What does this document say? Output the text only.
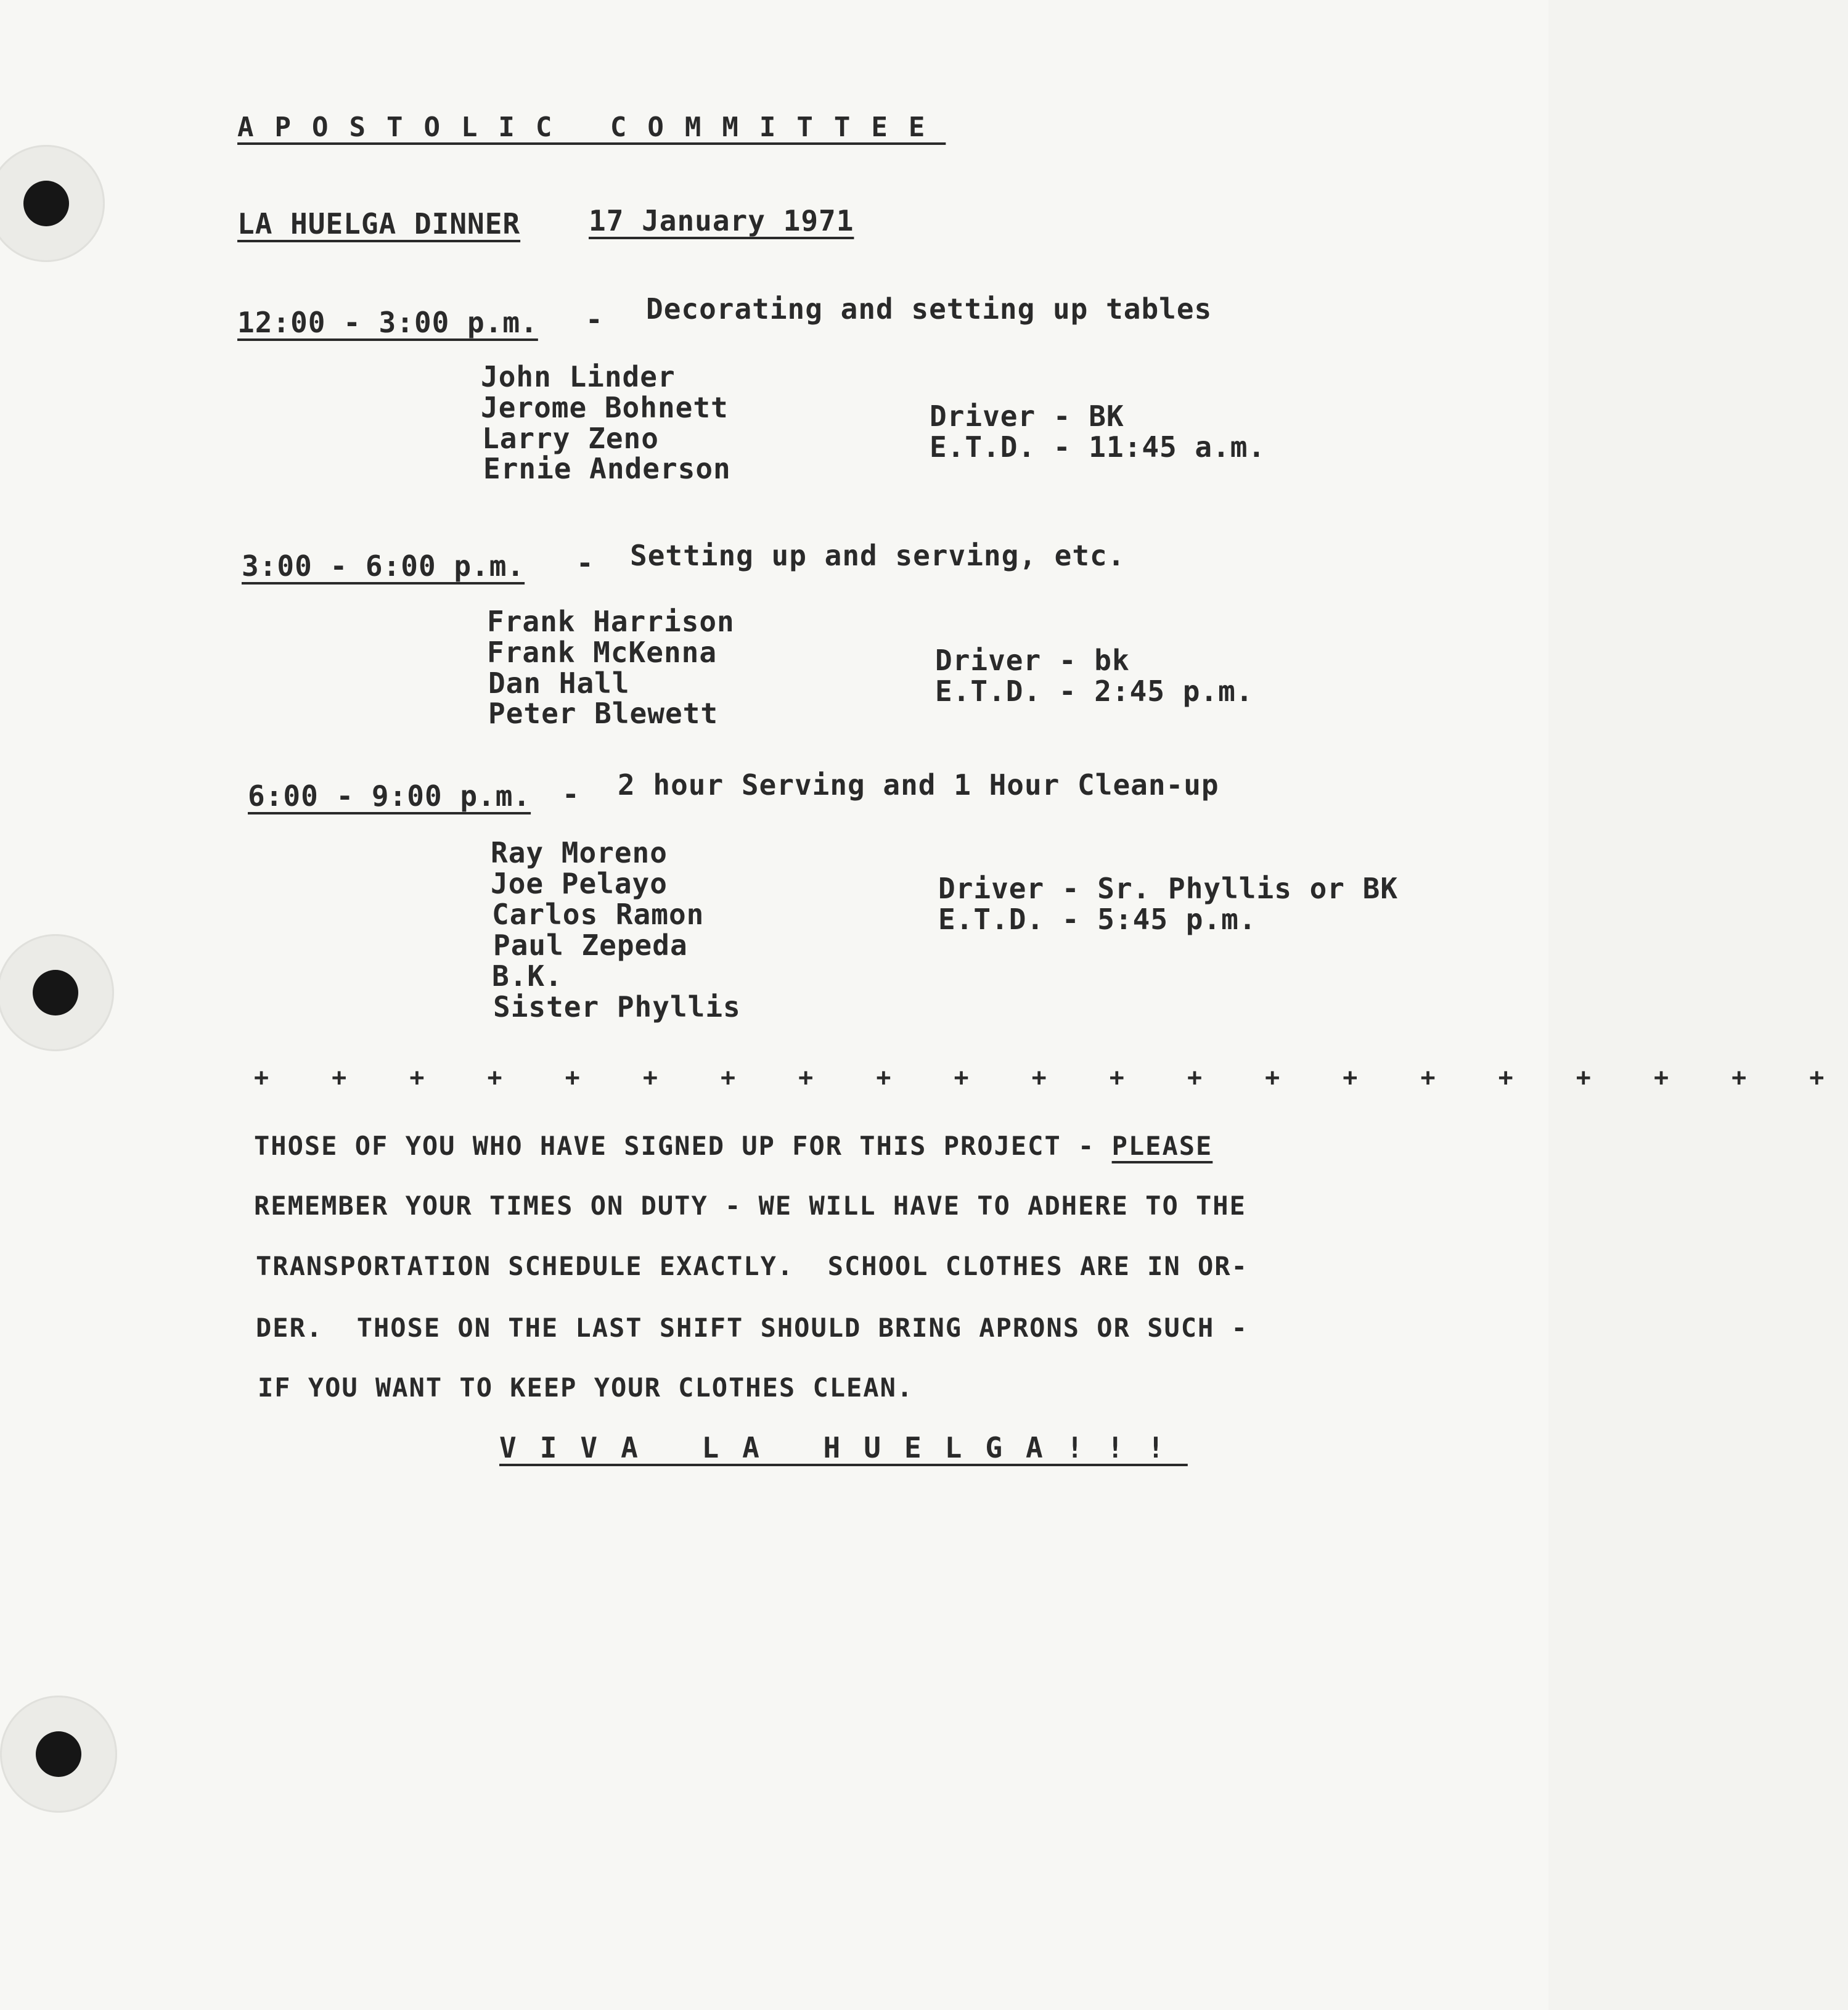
APOSTOLIC COMMITTEE
LA HUELGA DINNER 17 January 1971
12:00 - 3:00 p.m. - Decorating and setting up tables
John Linder
Jerome Bohnett
Larry Zeno
Ernie Anderson
Driver - BK
E.T.D. - 11:45 a.m.
3:00 - 6:00 p.m. - Setting up and serving, etc.
Frank Harrison
Frank McKenna
Dan Hall
Peter Blewett
Driver - bk
E.T.D. - 2:45 p.m.
6:00 - 9:00 p.m. - 2 hour Serving and 1 Hour Clean-up
Ray Moreno
Joe Pelayo
Carlos Ramon
Paul Zepeda
B.K.
Sister Phyllis
Driver - Sr. Phyllis or BK
E.T.D. - 5:45 p.m.
+ + + + + + + + + + + + + + + + + + + + +
THOSE OF YOU WHO HAVE SIGNED UP FOR THIS PROJECT - PLEASE
REMEMBER YOUR TIMES ON DUTY - WE WILL HAVE TO ADHERE TO THE
TRANSPORTATION SCHEDULE EXACTLY.  SCHOOL CLOTHES ARE IN OR-
DER.  THOSE ON THE LAST SHIFT SHOULD BRING APRONS OR SUCH -
IF YOU WANT TO KEEP YOUR CLOTHES CLEAN.
VIVA LA HUELGA!!!
